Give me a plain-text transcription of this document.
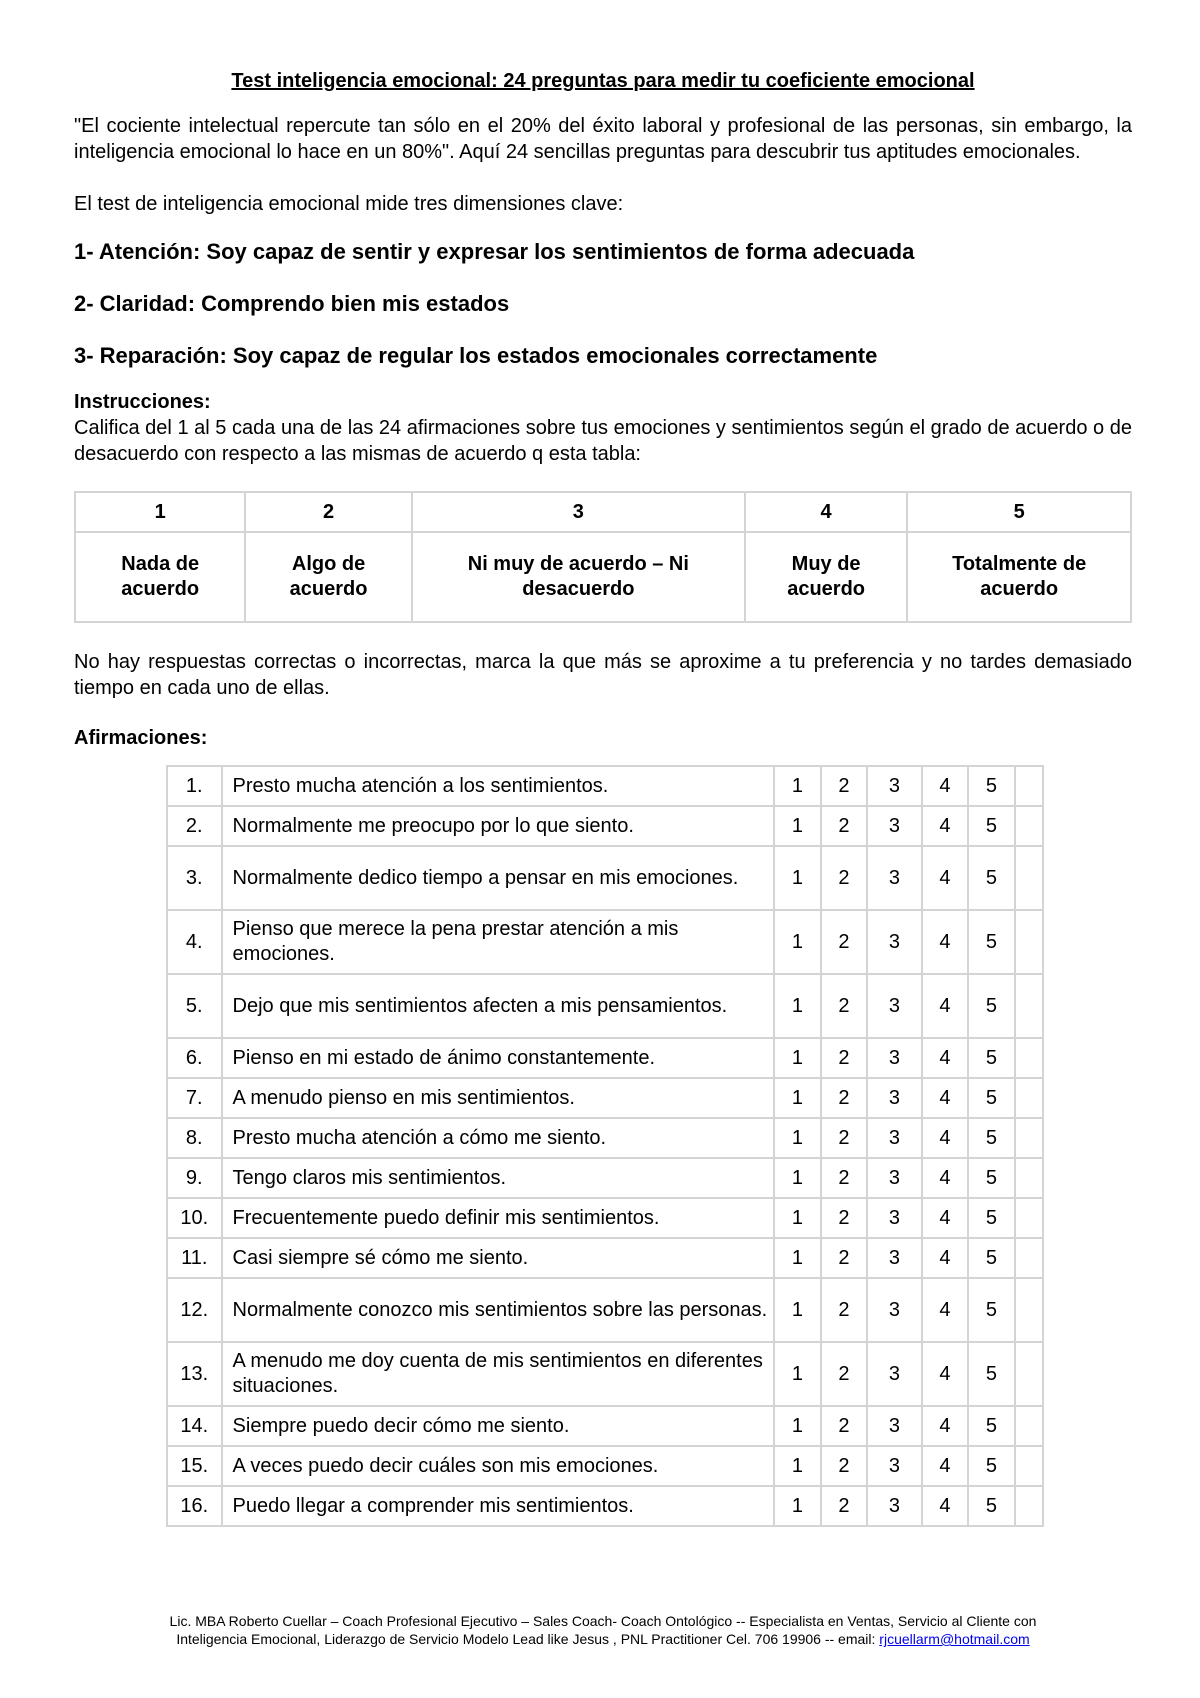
Test inteligencia emocional: 24 preguntas para medir tu coeficiente emocional

"El cociente intelectual repercute tan sólo en el 20% del éxito laboral y profesional de las personas, sin embargo, la inteligencia emocional lo hace en un 80%". Aquí 24 sencillas preguntas para descubrir tus aptitudes emocionales.

El test de inteligencia emocional mide tres dimensiones clave:

1- Atención: Soy capaz de sentir y expresar los sentimientos de forma adecuada

2- Claridad: Comprendo bien mis estados

3- Reparación: Soy capaz de regular los estados emocionales correctamente

Instrucciones:

Califica del 1 al 5 cada una de las 24 afirmaciones sobre tus emociones y sentimientos según el grado de acuerdo o de desacuerdo con respecto a las mismas de acuerdo q esta tabla:

1	2	3	4	5
Nada de acuerdo	Algo de acuerdo	Ni muy de acuerdo – Ni desacuerdo	Muy de acuerdo	Totalmente de acuerdo

No hay respuestas correctas o incorrectas, marca la que más se aproxime a tu preferencia y no tardes demasiado tiempo en cada uno de ellas.

Afirmaciones:

1.	Presto mucha atención a los sentimientos.	1	2	3	4	5	
2.	Normalmente me preocupo por lo que siento.	1	2	3	4	5	
3.	Normalmente dedico tiempo a pensar en mis emociones.	1	2	3	4	5	
4.	Pienso que merece la pena prestar atención a mis emociones.	1	2	3	4	5	
5.	Dejo que mis sentimientos afecten a mis pensamientos.	1	2	3	4	5	
6.	Pienso en mi estado de ánimo constantemente.	1	2	3	4	5	
7.	A menudo pienso en mis sentimientos.	1	2	3	4	5	
8.	Presto mucha atención a cómo me siento.	1	2	3	4	5	
9.	Tengo claros mis sentimientos.	1	2	3	4	5	
10.	Frecuentemente puedo definir mis sentimientos.	1	2	3	4	5	
11.	Casi siempre sé cómo me siento.	1	2	3	4	5	
12.	Normalmente conozco mis sentimientos sobre las personas.	1	2	3	4	5	
13.	A menudo me doy cuenta de mis sentimientos en diferentes situaciones.	1	2	3	4	5	
14.	Siempre puedo decir cómo me siento.	1	2	3	4	5	
15.	A veces puedo decir cuáles son mis emociones.	1	2	3	4	5	
16.	Puedo llegar a comprender mis sentimientos.	1	2	3	4	5	
Lic. MBA Roberto Cuellar – Coach Profesional Ejecutivo – Sales Coach- Coach Ontológico -- Especialista en Ventas, Servicio al Cliente con
Inteligencia Emocional, Liderazgo de Servicio Modelo Lead like Jesus , PNL Practitioner Cel. 706 19906 -- email: rjcuellarm@hotmail.com
